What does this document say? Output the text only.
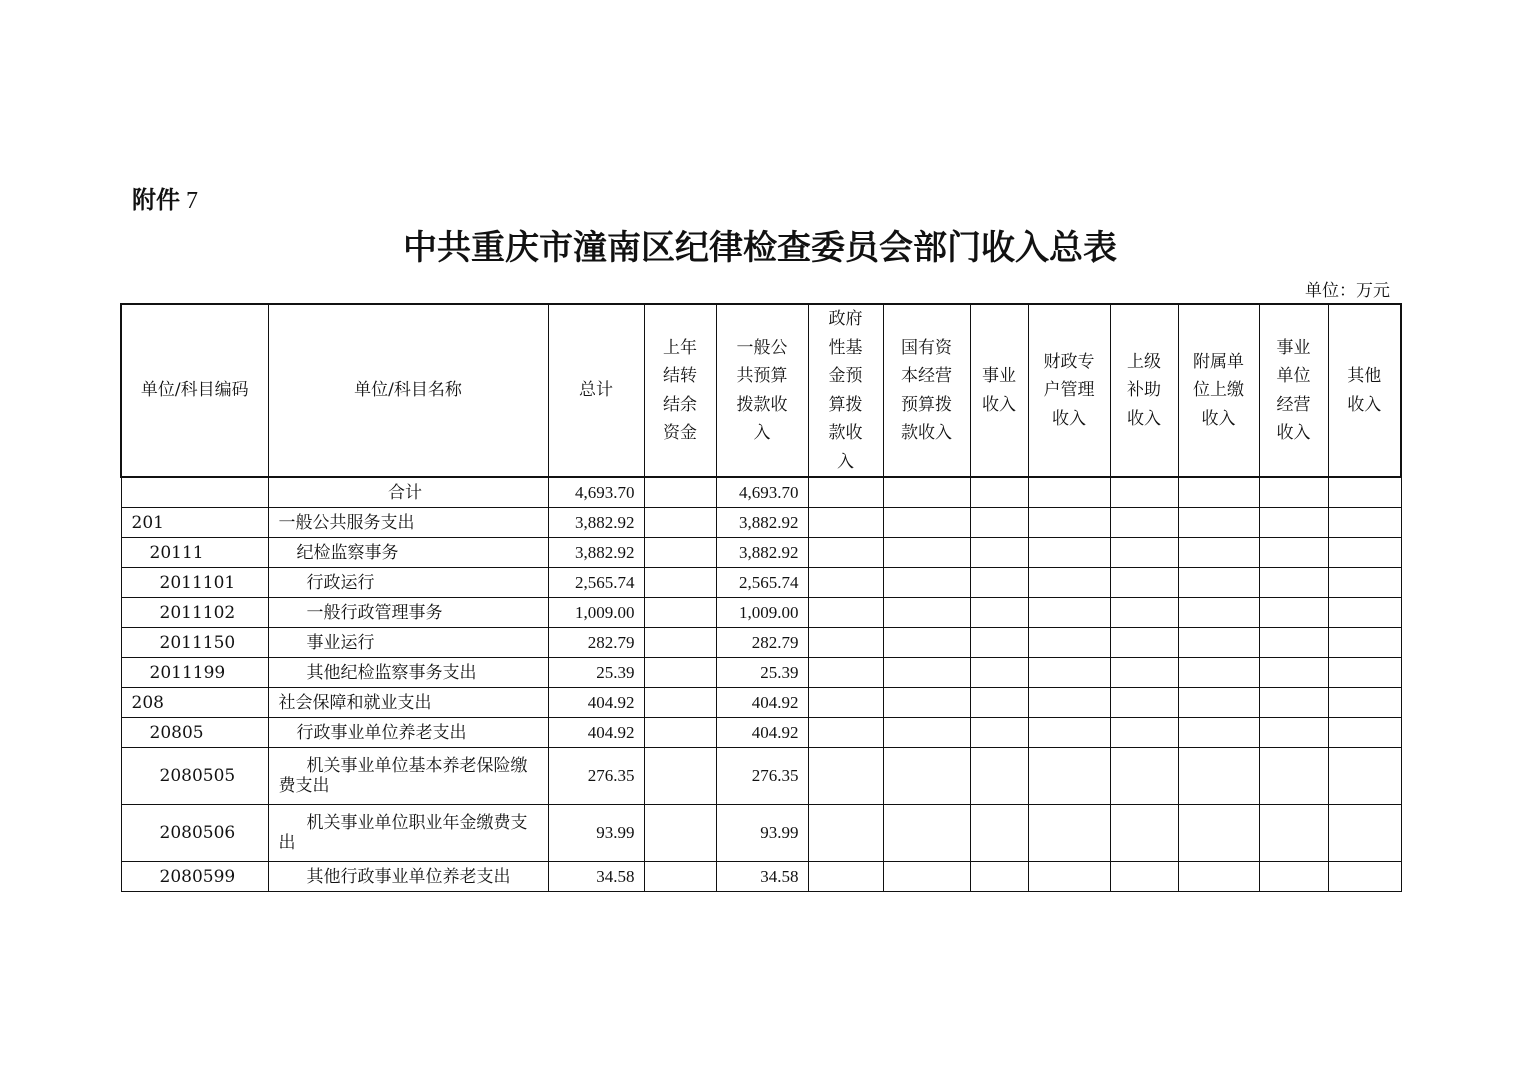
附件 7
中共重庆市潼南区纪律检查委员会部门收入总表
单位：万元
单位/科目编码	单位/科目名称	总计	上年结转结余资金	一般公共预算拨款收入	政府性基金预算拨款收入	国有资本经营预算拨款收入	事业收入	财政专户管理收入	上级补助收入	附属单位上缴收入	事业单位经营收入	其他收入
	合计	4,693.70		4,693.70								
201	一般公共服务支出	3,882.92		3,882.92								
20111	纪检监察事务	3,882.92		3,882.92								
2011101	行政运行	2,565.74		2,565.74								
2011102	一般行政管理事务	1,009.00		1,009.00								
2011150	事业运行	282.79		282.79								
2011199	其他纪检监察事务支出	25.39		25.39								
208	社会保障和就业支出	404.92		404.92								
20805	行政事业单位养老支出	404.92		404.92								
2080505	机关事业单位基本养老保险缴费支出	276.35		276.35								
2080506	机关事业单位职业年金缴费支出	93.99		93.99								
2080599	其他行政事业单位养老支出	34.58		34.58								
